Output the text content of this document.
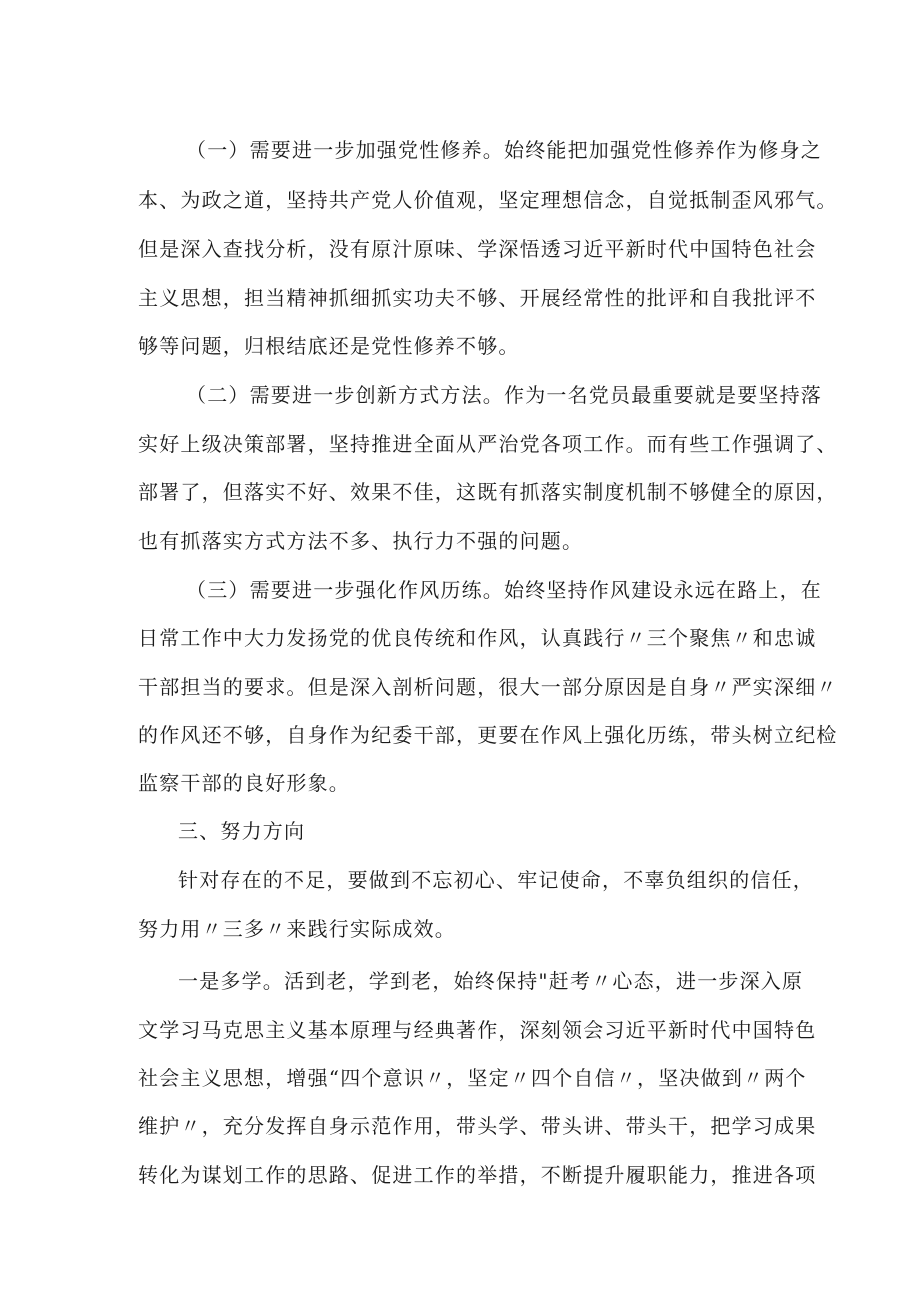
（一）需要进一步加强党性修养。始终能把加强党性修养作为修身之
本、为政之道，坚持共产党人价值观，坚定理想信念，自觉抵制歪风邪气。
但是深入查找分析，没有原汁原味、学深悟透习近平新时代中国特色社会
主义思想，担当精神抓细抓实功夫不够、开展经常性的批评和自我批评不
够等问题，归根结底还是党性修养不够。
（二）需要进一步创新方式方法。作为一名党员最重要就是要坚持落
实好上级决策部署，坚持推进全面从严治党各项工作。而有些工作强调了、
部署了，但落实不好、效果不佳，这既有抓落实制度机制不够健全的原因，
也有抓落实方式方法不多、执行力不强的问题。
（三）需要进一步强化作风历练。始终坚持作风建设永远在路上，在
日常工作中大力发扬党的优良传统和作风，认真践行〃三个聚焦〃和忠诚
干部担当的要求。但是深入剖析问题，很大一部分原因是自身〃严实深细〃
的作风还不够，自身作为纪委干部，更要在作风上强化历练，带头树立纪检
监察干部的良好形象。
三、努力方向
针对存在的不足，要做到不忘初心、牢记使命，不辜负组织的信任，
努力用〃三多〃来践行实际成效。
一是多学。活到老，学到老，始终保持"赶考〃心态，进一步深入原
文学习马克思主义基本原理与经典著作，深刻领会习近平新时代中国特色
社会主义思想，增强“四个意识〃，坚定〃四个自信〃，坚决做到〃两个
维护〃，充分发挥自身示范作用，带头学、带头讲、带头干，把学习成果
转化为谋划工作的思路、促进工作的举措，不断提升履职能力，推进各项
